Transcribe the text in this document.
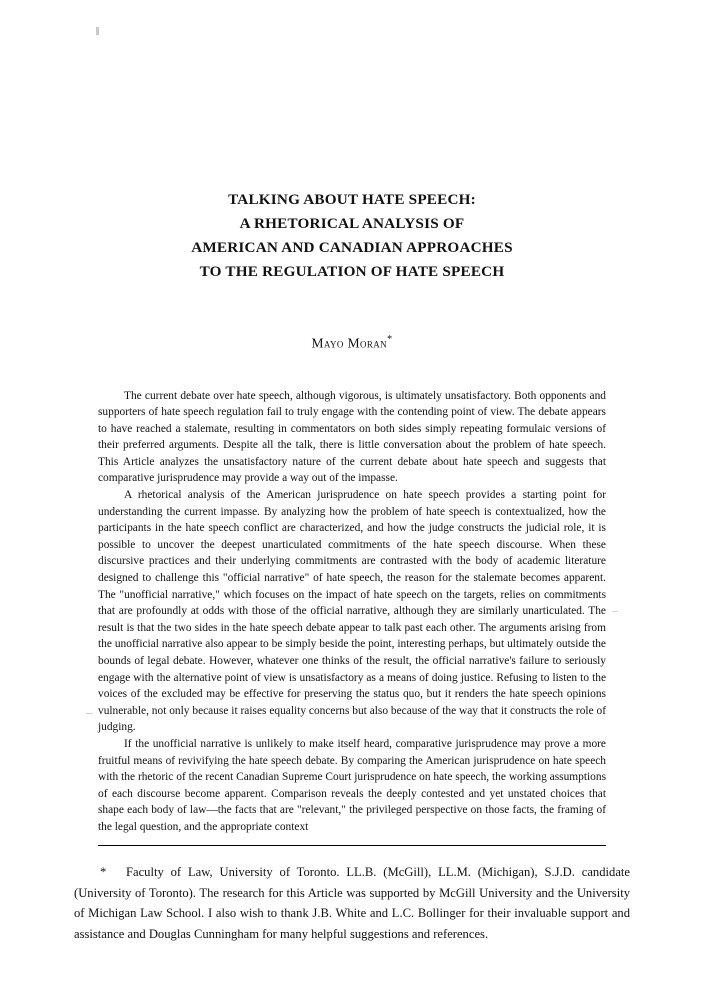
TALKING ABOUT HATE SPEECH:
A RHETORICAL ANALYSIS OF
AMERICAN AND CANADIAN APPROACHES
TO THE REGULATION OF HATE SPEECH
Mayo Moran*

The current debate over hate speech, although vigorous, is ultimately unsatisfactory. Both opponents and supporters of hate speech regulation fail to truly engage with the contending point of view. The debate appears to have reached a stalemate, resulting in commentators on both sides simply repeating formulaic versions of their preferred arguments. Despite all the talk, there is little conversation about the problem of hate speech. This Article analyzes the unsatisfactory nature of the current debate about hate speech and suggests that comparative jurisprudence may provide a way out of the impasse.

A rhetorical analysis of the American jurisprudence on hate speech provides a starting point for understanding the current impasse. By analyzing how the problem of hate speech is contextualized, how the participants in the hate speech conflict are characterized, and how the judge constructs the judicial role, it is possible to uncover the deepest unarticulated commitments of the hate speech discourse. When these discursive practices and their underlying commitments are contrasted with the body of academic literature designed to challenge this "official narrative" of hate speech, the reason for the stalemate becomes apparent. The "unofficial narrative," which focuses on the impact of hate speech on the targets, relies on commitments that are profoundly at odds with those of the official narrative, although they are similarly unarticulated. The result is that the two sides in the hate speech debate appear to talk past each other. The arguments arising from the unofficial narrative also appear to be simply beside the point, interesting perhaps, but ultimately outside the bounds of legal debate. However, whatever one thinks of the result, the official narrative's failure to seriously engage with the alternative point of view is unsatisfactory as a means of doing justice. Refusing to listen to the voices of the excluded may be effective for preserving the status quo, but it renders the hate speech opinions vulnerable, not only because it raises equality concerns but also because of the way that it constructs the role of judging.

If the unofficial narrative is unlikely to make itself heard, comparative jurisprudence may prove a more fruitful means of revivifying the hate speech debate. By comparing the American jurisprudence on hate speech with the rhetoric of the recent Canadian Supreme Court jurisprudence on hate speech, the working assumptions of each discourse become apparent. Comparison reveals the deeply contested and yet unstated choices that shape each body of law—the facts that are "relevant," the privileged perspective on those facts, the framing of the legal question, and the appropriate context

* Faculty of Law, University of Toronto. LL.B. (McGill), LL.M. (Michigan), S.J.D. candidate (University of Toronto). The research for this Article was supported by McGill University and the University of Michigan Law School. I also wish to thank J.B. White and L.C. Bollinger for their invaluable support and assistance and Douglas Cunningham for many helpful suggestions and references.
